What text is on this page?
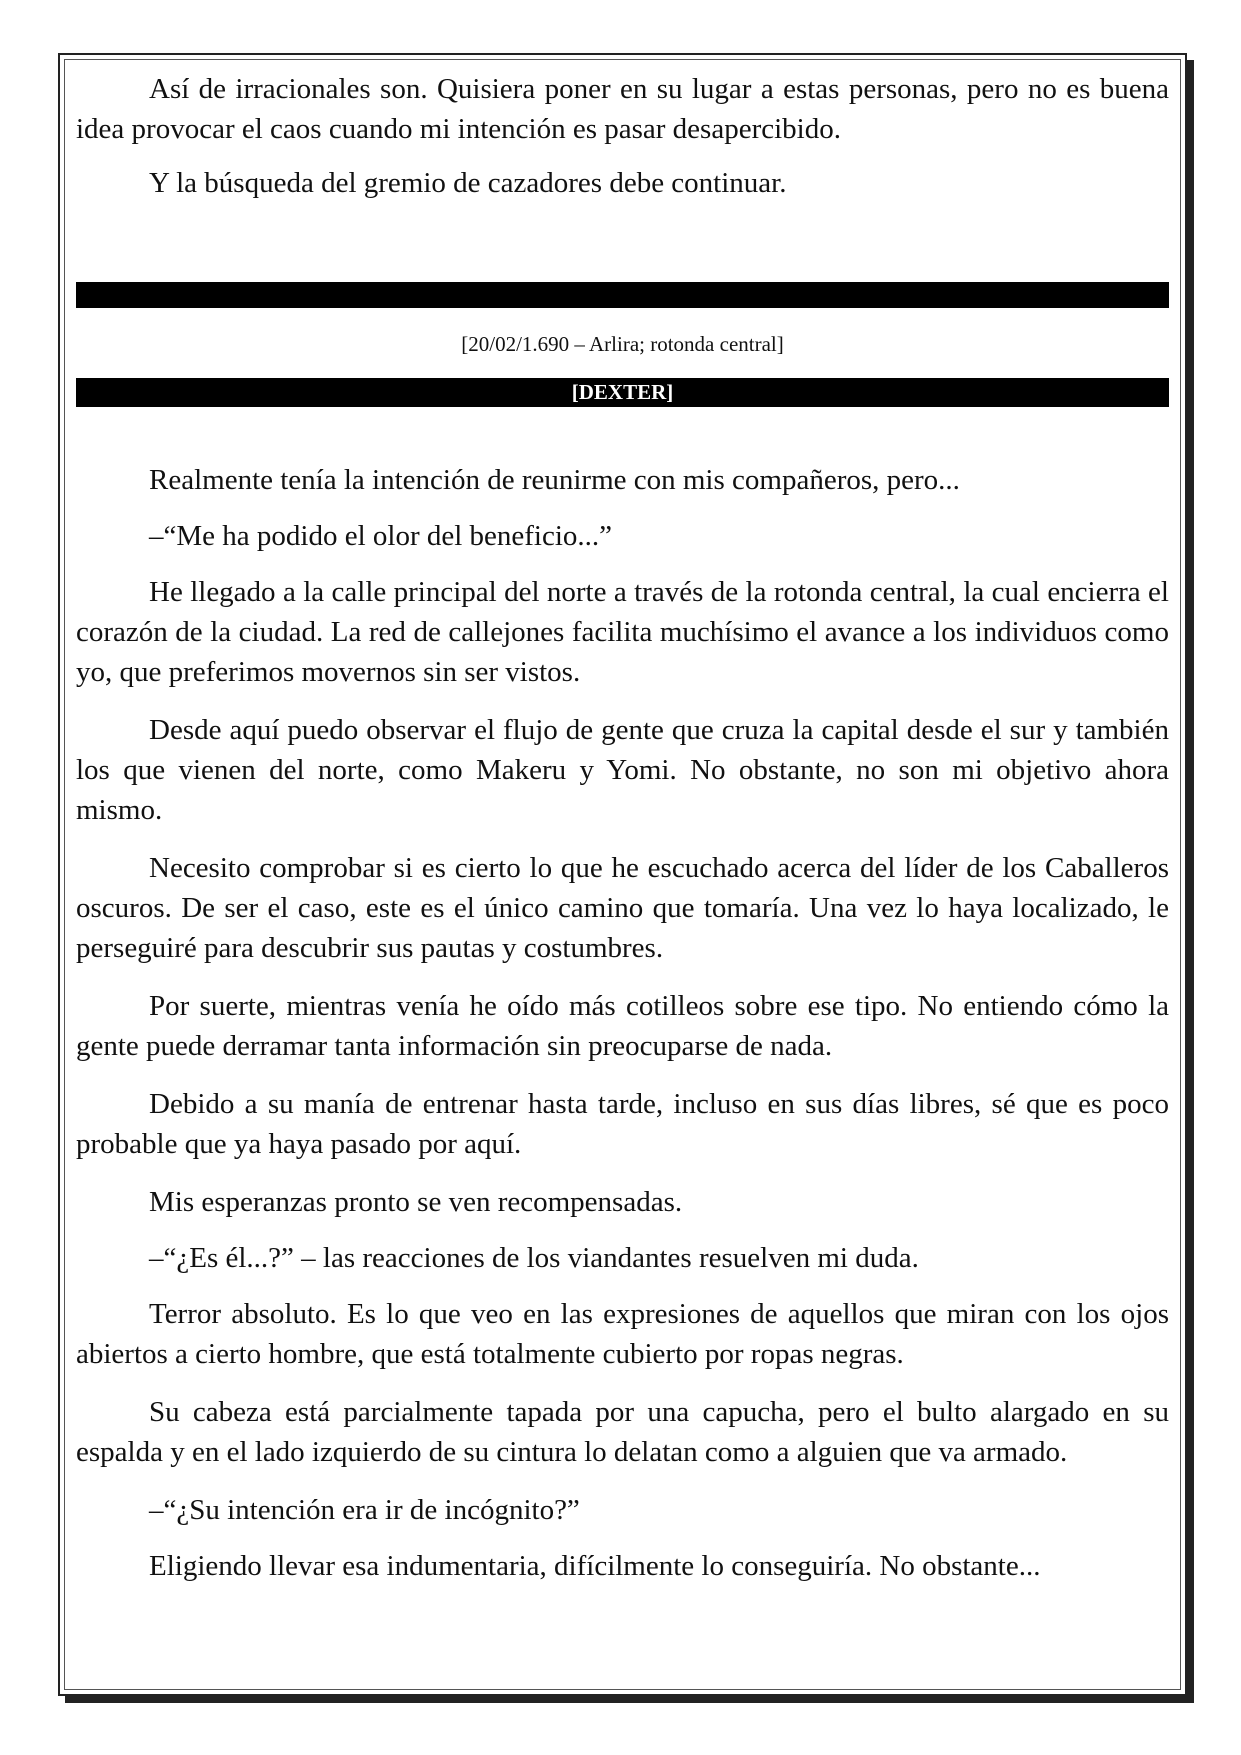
Así de irracionales son. Quisiera poner en su lugar a estas personas, pero no es buena idea provocar el caos cuando mi intención es pasar desapercibido.

Y la búsqueda del gremio de cazadores debe continuar.

[20/02/1.690 – Arlira; rotonda central]
[DEXTER]

Realmente tenía la intención de reunirme con mis compañeros, pero...

–“Me ha podido el olor del beneficio...”

He llegado a la calle principal del norte a través de la rotonda central, la cual encierra el corazón de la ciudad. La red de callejones facilita muchísimo el avance a los individuos como yo, que preferimos movernos sin ser vistos.

Desde aquí puedo observar el flujo de gente que cruza la capital desde el sur y también los que vienen del norte, como Makeru y Yomi. No obstante, no son mi objetivo ahora mismo.

Necesito comprobar si es cierto lo que he escuchado acerca del líder de los Caballeros oscuros. De ser el caso, este es el único camino que tomaría. Una vez lo haya localizado, le perseguiré para descubrir sus pautas y costumbres.

Por suerte, mientras venía he oído más cotilleos sobre ese tipo. No entiendo cómo la gente puede derramar tanta información sin preocuparse de nada.

Debido a su manía de entrenar hasta tarde, incluso en sus días libres, sé que es poco probable que ya haya pasado por aquí.

Mis esperanzas pronto se ven recompensadas.

–“¿Es él...?” – las reacciones de los viandantes resuelven mi duda.

Terror absoluto. Es lo que veo en las expresiones de aquellos que miran con los ojos abiertos a cierto hombre, que está totalmente cubierto por ropas negras.

Su cabeza está parcialmente tapada por una capucha, pero el bulto alargado en su espalda y en el lado izquierdo de su cintura lo delatan como a alguien que va armado.

–“¿Su intención era ir de incógnito?”

Eligiendo llevar esa indumentaria, difícilmente lo conseguiría. No obstante...
